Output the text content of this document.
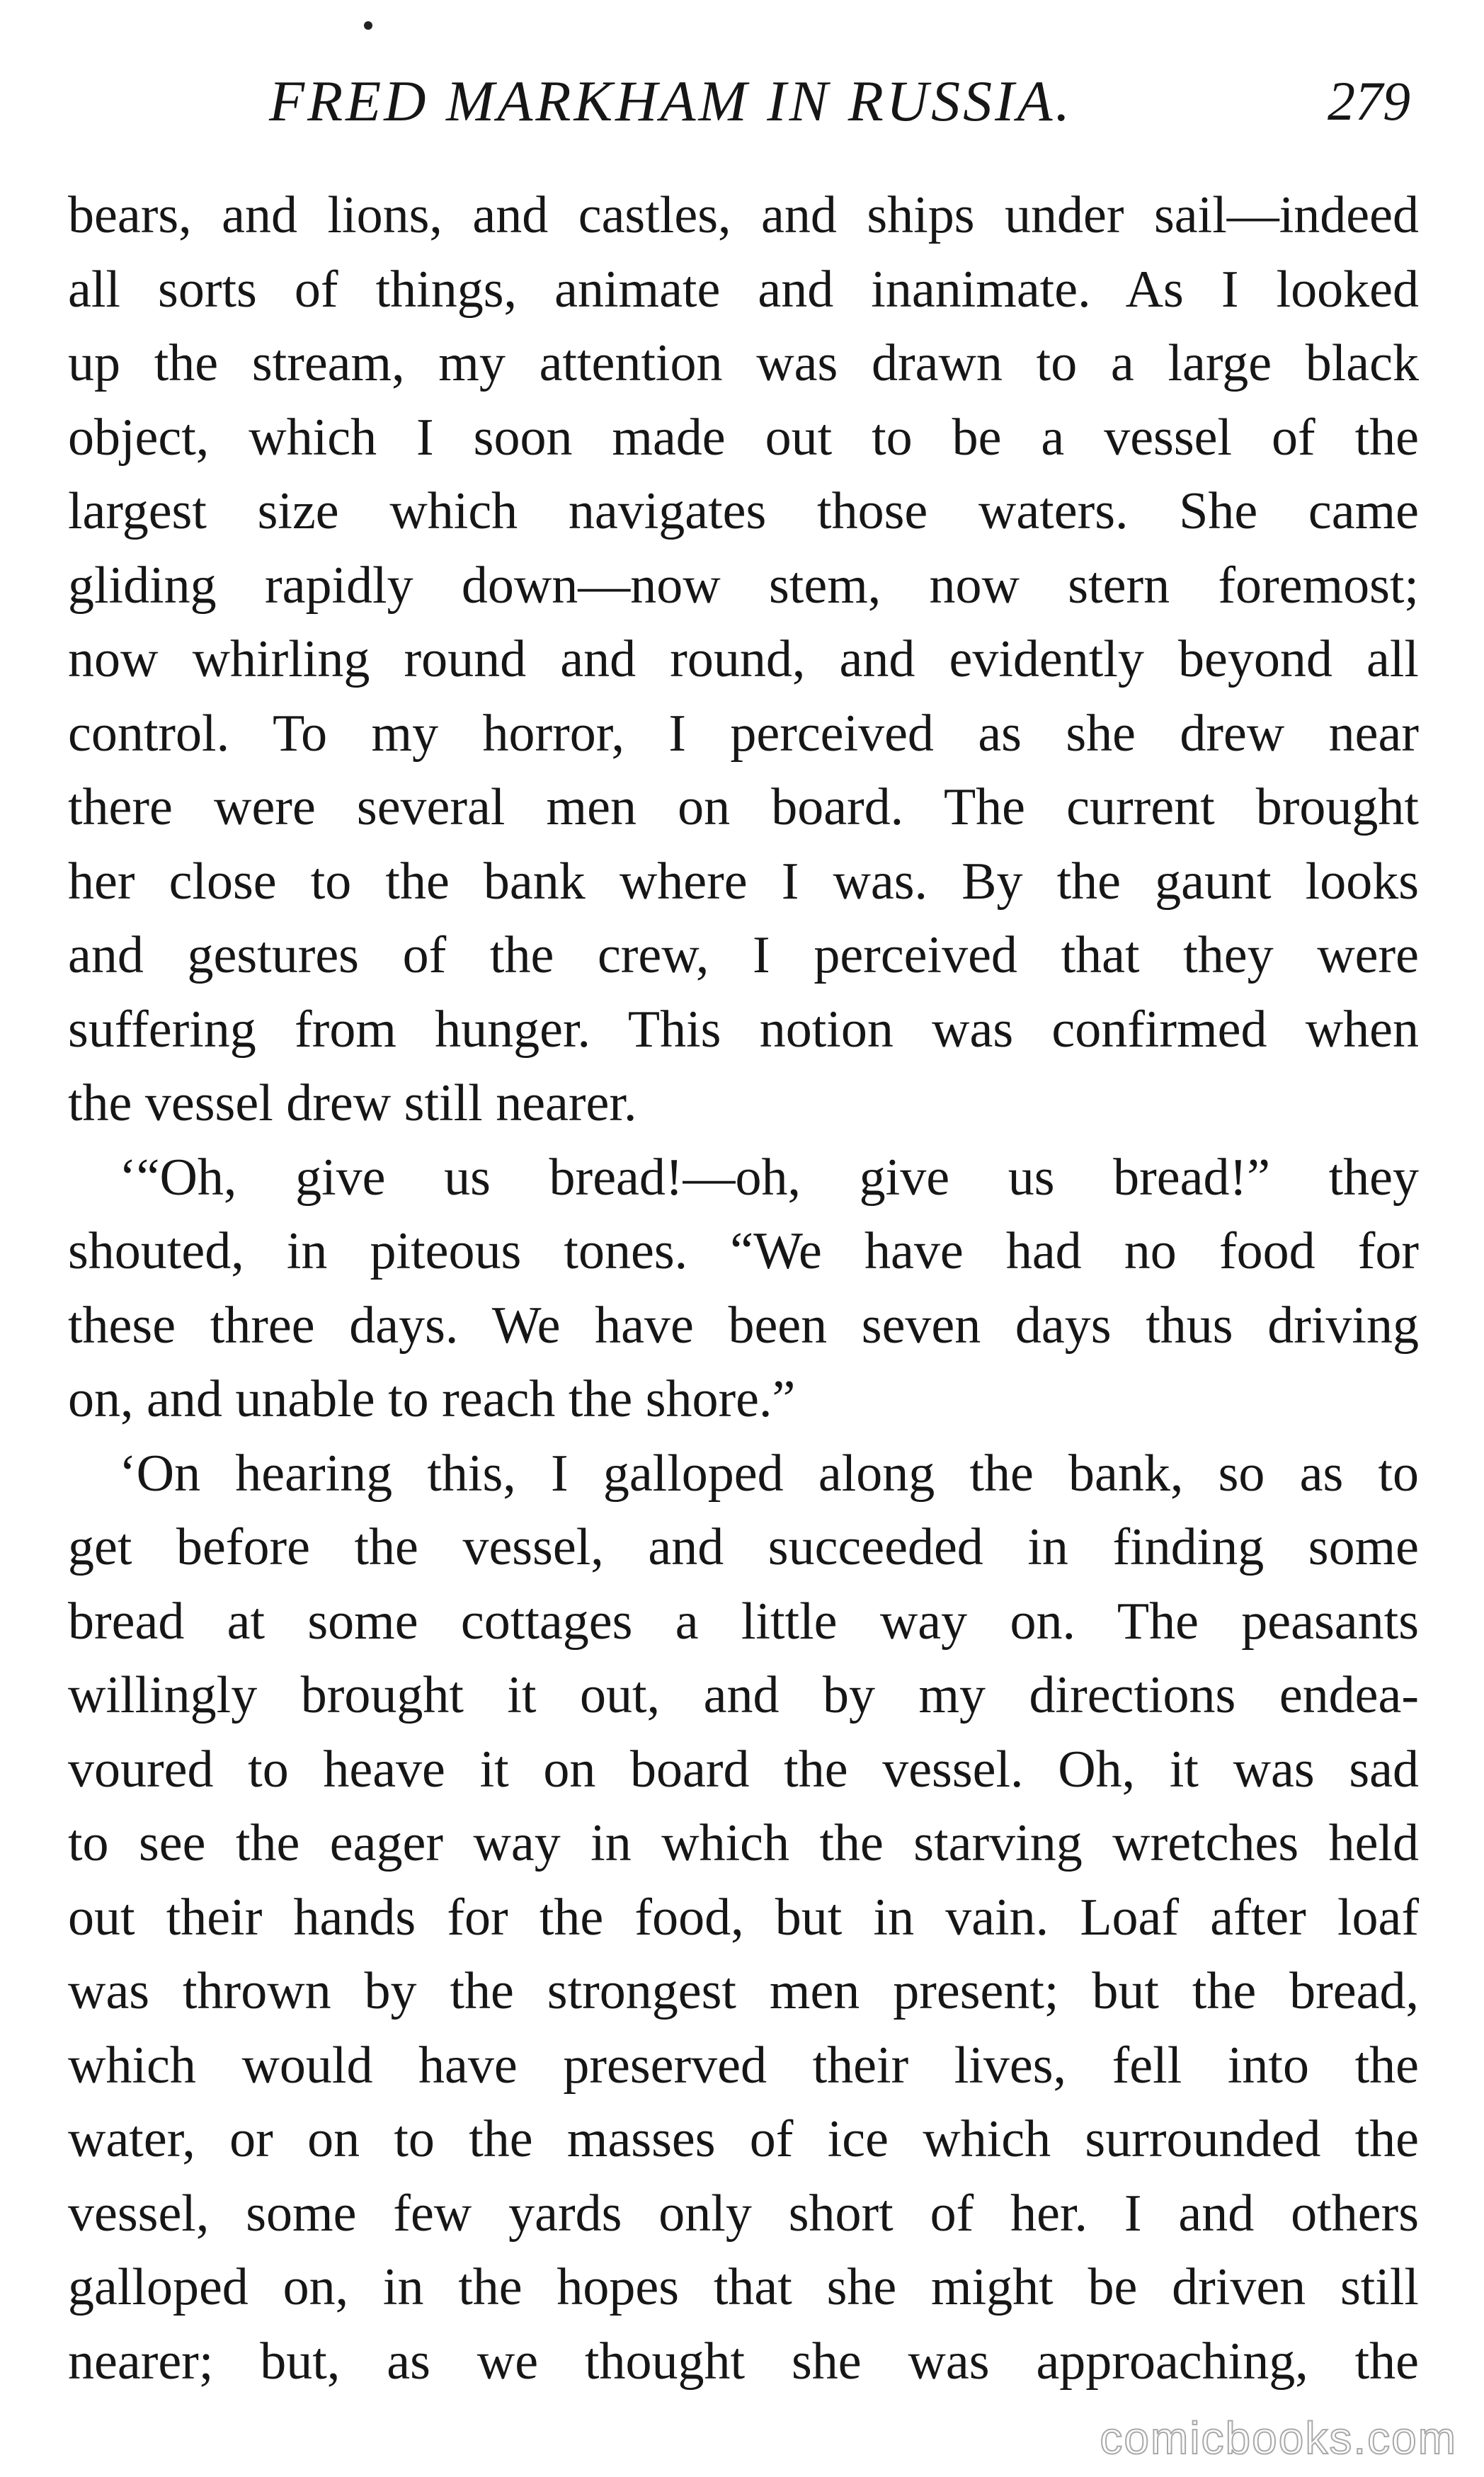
FRED MARKHAM IN RUSSIA.	279
bears, and lions, and castles, and ships under sail—indeed
all sorts of things, animate and inanimate. As I looked
up the stream, my attention was drawn to a large black
object, which I soon made out to be a vessel of the
largest size which navigates those waters. She came
gliding rapidly down—now stem, now stern foremost;
now whirling round and round, and evidently beyond all
control. To my horror, I perceived as she drew near
there were several men on board. The current brought
her close to the bank where I was. By the gaunt looks
and gestures of the crew, I perceived that they were
suffering from hunger. This notion was confirmed when
the vessel drew still nearer.
‘“Oh, give us bread!—oh, give us bread!” they
shouted, in piteous tones. “We have had no food for
these three days. We have been seven days thus driving
on, and unable to reach the shore.”
‘On hearing this, I galloped along the bank, so as to
get before the vessel, and succeeded in finding some
bread at some cottages a little way on. The peasants
willingly brought it out, and by my directions endea-
voured to heave it on board the vessel. Oh, it was sad
to see the eager way in which the starving wretches held
out their hands for the food, but in vain. Loaf after loaf
was thrown by the strongest men present; but the bread,
which would have preserved their lives, fell into the
water, or on to the masses of ice which surrounded the
vessel, some few yards only short of her. I and others
galloped on, in the hopes that she might be driven still
nearer; but, as we thought she was approaching, the
comicbooks.com
